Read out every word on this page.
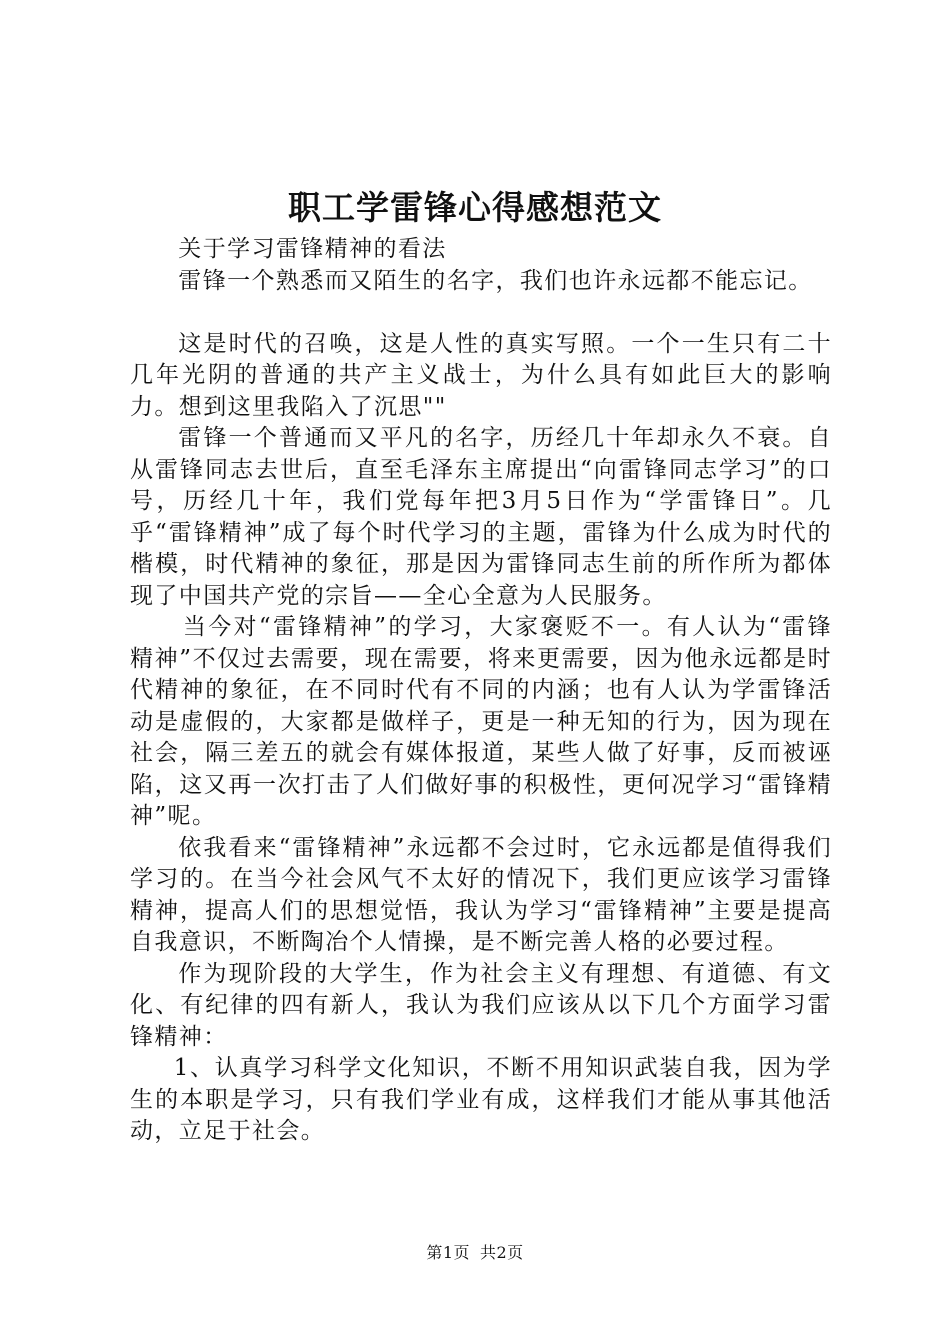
职工学雷锋心得感想范文

关于学习雷锋精神的看法

雷锋一个熟悉而又陌生的名字，我们也许永远都不能忘记。

这是时代的召唤，这是人性的真实写照。一个一生只有二十几年光阴的普通的共产主义战士，为什么具有如此巨大的影响力。想到这里我陷入了沉思""

雷锋一个普通而又平凡的名字，历经几十年却永久不衰。自从雷锋同志去世后，直至毛泽东主席提出“向雷锋同志学习”的口号，历经几十年，我们党每年把3月5日作为“学雷锋日”。几乎“雷锋精神”成了每个时代学习的主题，雷锋为什么成为时代的楷模，时代精神的象征，那是因为雷锋同志生前的所作所为都体现了中国共产党的宗旨——全心全意为人民服务。

当今对“雷锋精神”的学习，大家褒贬不一。有人认为“雷锋精神”不仅过去需要，现在需要，将来更需要，因为他永远都是时代精神的象征，在不同时代有不同的内涵；也有人认为学雷锋活动是虚假的，大家都是做样子，更是一种无知的行为，因为现在社会，隔三差五的就会有媒体报道，某些人做了好事，反而被诬陷，这又再一次打击了人们做好事的积极性，更何况学习“雷锋精神”呢。

依我看来“雷锋精神”永远都不会过时，它永远都是值得我们学习的。在当今社会风气不太好的情况下，我们更应该学习雷锋精神，提高人们的思想觉悟，我认为学习“雷锋精神”主要是提高自我意识，不断陶冶个人情操，是不断完善人格的必要过程。

作为现阶段的大学生，作为社会主义有理想、有道德、有文化、有纪律的四有新人，我认为我们应该从以下几个方面学习雷锋精神：

1、认真学习科学文化知识，不断不用知识武装自我，因为学生的本职是学习，只有我们学业有成，这样我们才能从事其他活动，立足于社会。

第1页 共2页
